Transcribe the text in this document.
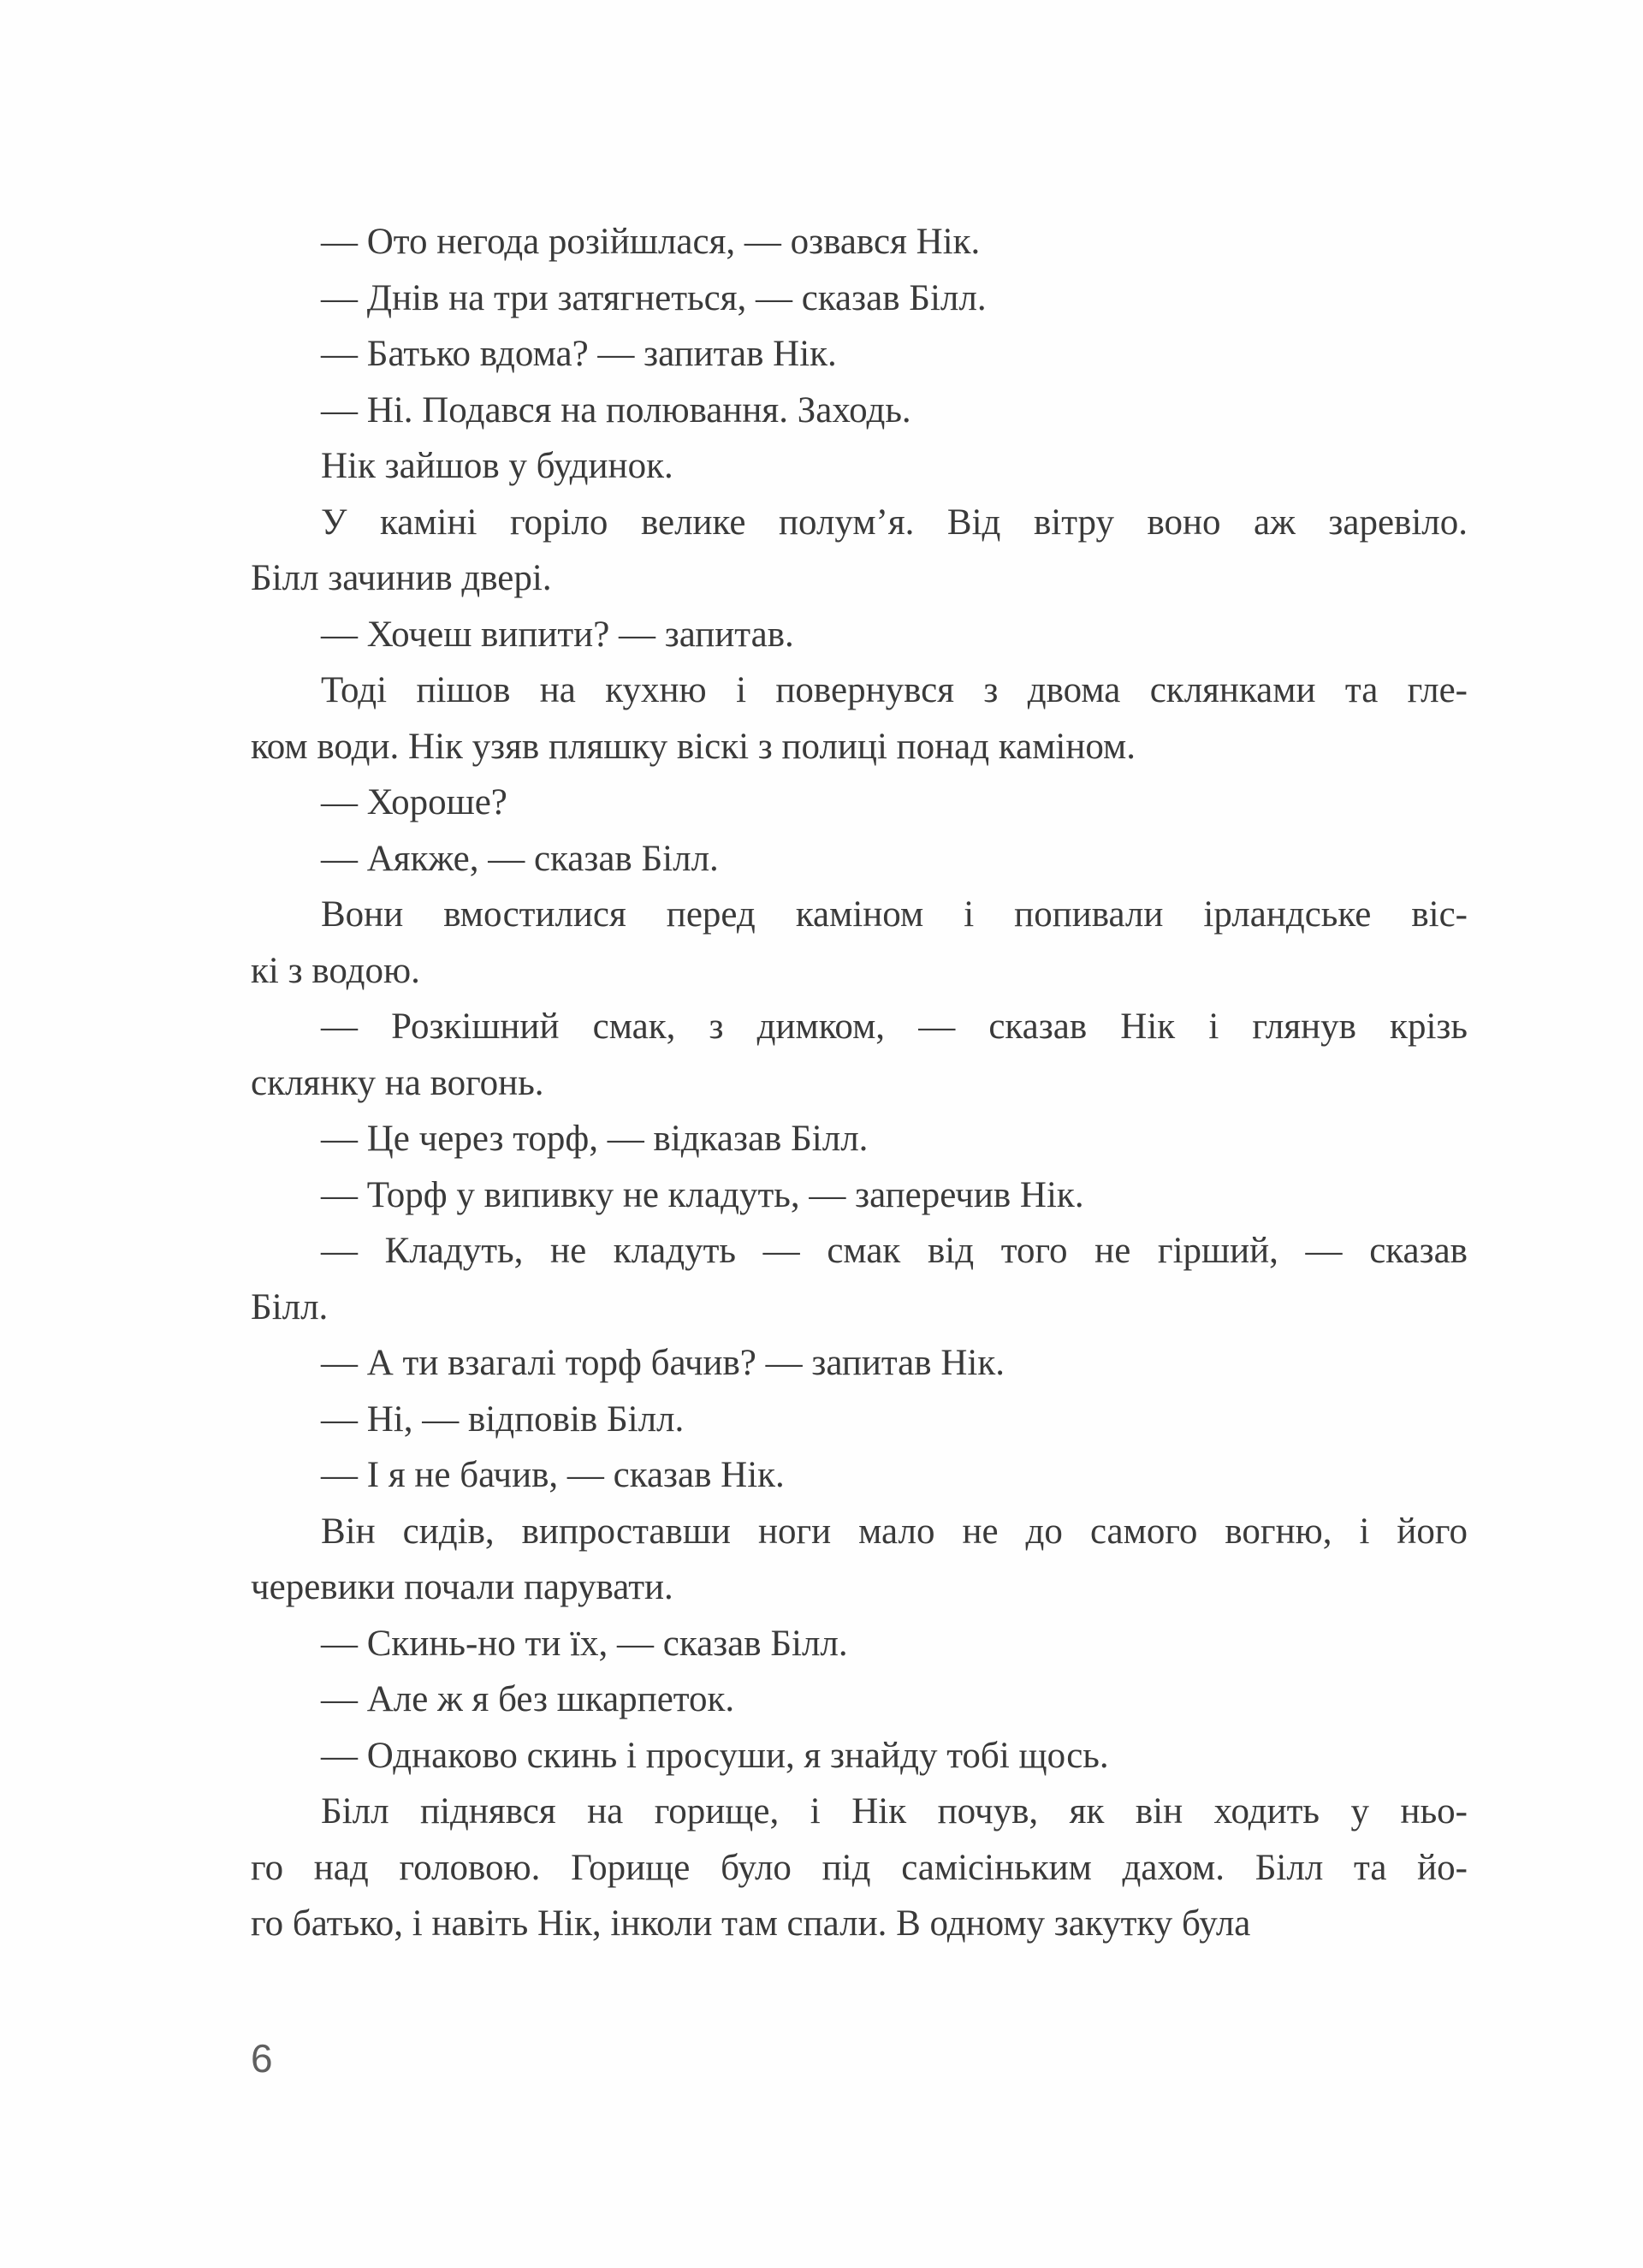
— Ото негода розійшлася, — озвався Нік.
— Днів на три затягнеться, — сказав Білл.
— Батько вдома? — запитав Нік.
— Ні. Подався на полювання. Заходь.
Нік зайшов у будинок.
У каміні горіло велике полум’я. Від вітру воно аж заревіло.
Білл зачинив двері.
— Хочеш випити? — запитав.
Тоді пішов на кухню і повернувся з двома склянками та гле-
ком води. Нік узяв пляшку віскі з полиці понад каміном.
— Хороше?
— Аякже, — сказав Білл.
Вони вмостилися перед каміном і попивали ірландське віс-
кі з водою.
— Розкішний смак, з димком, — сказав Нік і глянув крізь
склянку на вогонь.
— Це через торф, — відказав Білл.
— Торф у випивку не кладуть, — заперечив Нік.
— Кладуть, не кладуть — смак від того не гірший, — сказав
Білл.
— А ти взагалі торф бачив? — запитав Нік.
— Ні, — відповів Білл.
— І я не бачив, — сказав Нік.
Він сидів, випроставши ноги мало не до самого вогню, і його
черевики почали парувати.
— Скинь-но ти їх, — сказав Білл.
— Але ж я без шкарпеток.
— Однаково скинь і просуши, я знайду тобі щось.
Білл піднявся на горище, і Нік почув, як він ходить у ньо-
го над головою. Горище було під самісіньким дахом. Білл та йо-
го батько, і навіть Нік, інколи там спали. В одному закутку була
6
